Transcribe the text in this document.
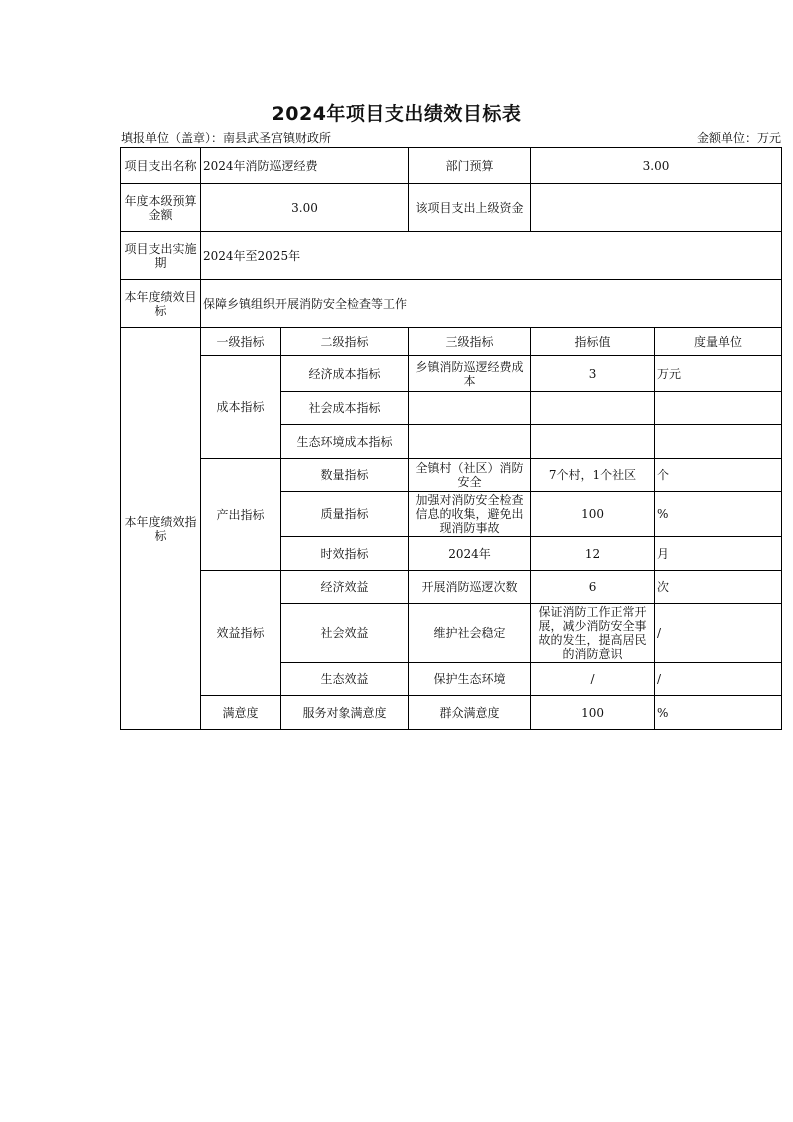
2024年项目支出绩效目标表
填报单位（盖章）：南县武圣宫镇财政所	金额单位：万元
项目支出名称	2024年消防巡逻经费		部门预算	3.00	
年度本级预算金额	3.00		该项目支出上级资金		
项目支出实施期	2024年至2025年				
本年度绩效目标	保障乡镇组织开展消防安全检查等工作				
本年度绩效指标	一级指标	二级指标	三级指标	指标值	度量单位
	成本指标	经济成本指标	乡镇消防巡逻经费成本	3	万元
		社会成本指标			
		生态环境成本指标			
	产出指标	数量指标	全镇村（社区）消防安全	7个村，1个社区	个
		质量指标	加强对消防安全检查信息的收集，避免出现消防事故	100	%
		时效指标	2024年	12	月
	效益指标	经济效益	开展消防巡逻次数	6	次
		社会效益	维护社会稳定	保证消防工作正常开展，减少消防安全事故的发生，提高居民的消防意识	/
		生态效益	保护生态环境	/	/
	满意度	服务对象满意度	群众满意度	100	%
